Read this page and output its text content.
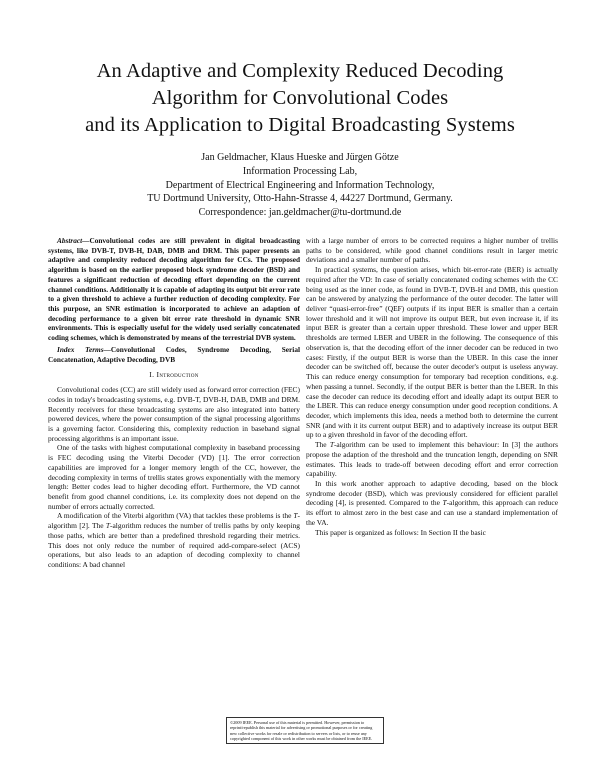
An Adaptive and Complexity Reduced Decoding
Algorithm for Convolutional Codes
and its Application to Digital Broadcasting Systems
Jan Geldmacher, Klaus Hueske and Jürgen Götze
Information Processing Lab,
Department of Electrical Engineering and Information Technology,
TU Dortmund University, Otto-Hahn-Strasse 4, 44227 Dortmund, Germany.
Correspondence: jan.geldmacher@tu-dortmund.de

Abstract—Convolutional codes are still prevalent in digital broadcasting systems, like DVB-T, DVB-H, DAB, DMB and DRM. This paper presents an adaptive and complexity reduced decoding algorithm for CCs. The proposed algorithm is based on the earlier proposed block syndrome decoder (BSD) and features a significant reduction of decoding effort depending on the current channel conditions. Additionally it is capable of adapting its output bit error rate to a given threshold to achieve a further reduction of decoding complexity. For this purpose, an SNR estimation is incorporated to achieve an adaption of decoding performance to a given bit error rate threshold in dynamic SNR environments. This is especially useful for the widely used serially concatenated coding schemes, which is demonstrated by means of the terrestrial DVB system.

Index Terms—Convolutional Codes, Syndrome Decoding, Serial Concatenation, Adaptive Decoding, DVB

I. Introduction

Convolutional codes (CC) are still widely used as forward error correction (FEC) codes in today's broadcasting systems, e.g. DVB-T, DVB-H, DAB, DMB and DRM. Recently receivers for these broadcasting systems are also integrated into battery powered devices, where the power consumption of the signal processing algorithms is a governing factor. Considering this, complexity reduction in baseband signal processing algorithms is an important issue.

One of the tasks with highest computational complexity in baseband processing is FEC decoding using the Viterbi Decoder (VD) [1]. The error correction capabilities are improved for a longer memory length of the CC, however, the decoding complexity in terms of trellis states grows exponentially with the memory length: Better codes lead to higher decoding effort. Furthermore, the VD cannot benefit from good channel conditions, i.e. its complexity does not depend on the number of errors actually corrected.

A modification of the Viterbi algorithm (VA) that tackles these problems is the T-algorithm [2]. The T-algorithm reduces the number of trellis paths by only keeping those paths, which are better than a predefined threshold regarding their metrics. This does not only reduce the number of required add-compare-select (ACS) operations, but also leads to an adaption of decoding complexity to channel conditions: A bad channel

with a large number of errors to be corrected requires a higher number of trellis paths to be considered, while good channel conditions result in larger metric deviations and a smaller number of paths.

In practical systems, the question arises, which bit-error-rate (BER) is actually required after the VD: In case of serially concatenated coding schemes with the CC being used as the inner code, as found in DVB-T, DVB-H and DMB, this question can be answered by analyzing the performance of the outer decoder. The latter will deliver “quasi-error-free” (QEF) outputs if its input BER is smaller than a certain lower threshold and it will not improve its output BER, but even increase it, if its input BER is greater than a certain upper threshold. These lower and upper BER thresholds are termed LBER and UBER in the following. The consequence of this observation is, that the decoding effort of the inner decoder can be reduced in two cases: Firstly, if the output BER is worse than the UBER. In this case the inner decoder can be switched off, because the outer decoder's output is useless anyway. This can reduce energy consumption for temporary bad reception conditions, e.g. when passing a tunnel. Secondly, if the output BER is better than the LBER. In this case the decoder can reduce its decoding effort and ideally adapt its output BER to the LBER. This can reduce energy consumption under good reception conditions. A decoder, which implements this idea, needs a method both to determine the current SNR (and with it its current output BER) and to adaptively increase its output BER up to a given threshold in favor of the decoding effort.

The T-algorithm can be used to implement this behaviour: In [3] the authors propose the adaption of the threshold and the truncation length, depending on SNR estimates. This leads to trade-off between decoding effort and error correction capability.

In this work another approach to adaptive decoding, based on the block syndrome decoder (BSD), which was previously considered for efficient parallel decoding [4], is presented. Compared to the T-algorithm, this approach can reduce its effort to almost zero in the best case and can use a standard implementation of the VA.

This paper is organized as follows: In Section II the basic

©2009 IEEE. Personal use of this material is permitted. However, permission to reprint/republish this material for advertising or promotional purposes or for creating new collective works for resale or redistribution to servers or lists, or to reuse any copyrighted component of this work in other works must be obtained from the IEEE.
